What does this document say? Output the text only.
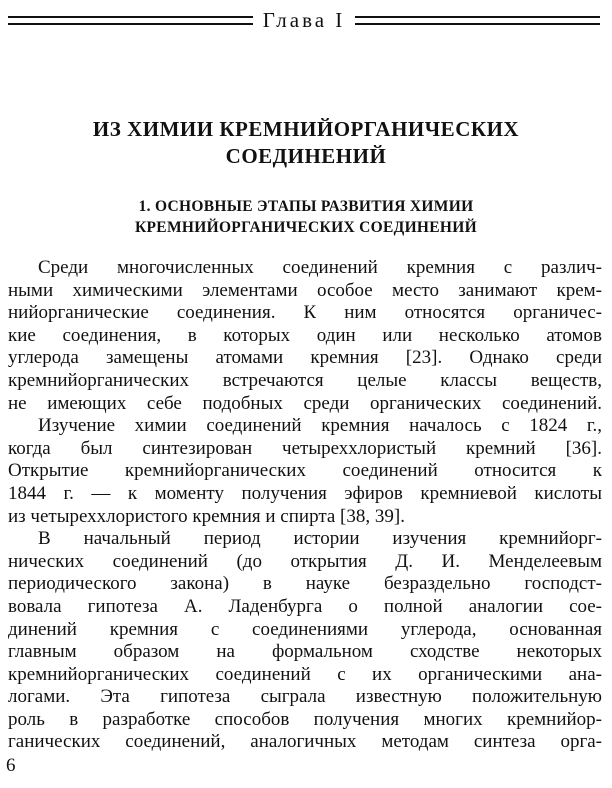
Глава I
ИЗ ХИМИИ КРЕМНИЙОРГАНИЧЕСКИХ
СОЕДИНЕНИЙ
1. ОСНОВНЫЕ ЭТАПЫ РАЗВИТИЯ ХИМИИ
КРЕМНИЙОРГАНИЧЕСКИХ СОЕДИНЕНИЙ
Среди многочисленных соединений кремния с различ-
ными химическими элементами особое место занимают крем-
нийорганические соединения. К ним относятся органичес-
кие соединения, в которых один или несколько атомов
углерода замещены атомами кремния [23]. Однако среди
кремнийорганических встречаются целые классы веществ,
не имеющих себе подобных среди органических соединений.
Изучение химии соединений кремния началось с 1824 г.,
когда был синтезирован четыреххлористый кремний [36].
Открытие кремнийорганических соединений относится к
1844 г. — к моменту получения эфиров кремниевой кислоты
из четыреххлористого кремния и спирта [38, 39].
В начальный период истории изучения кремнийорг-
нических соединений (до открытия Д. И. Менделеевым
периодического закона) в науке безраздельно господст-
вовала гипотеза А. Ладенбурга о полной аналогии сое-
динений кремния с соединениями углерода, основанная
главным образом на формальном сходстве некоторых
кремнийорганических соединений с их органическими ана-
логами. Эта гипотеза сыграла известную положительную
роль в разработке способов получения многих кремнийор-
ганических соединений, аналогичных методам синтеза орга-
6
